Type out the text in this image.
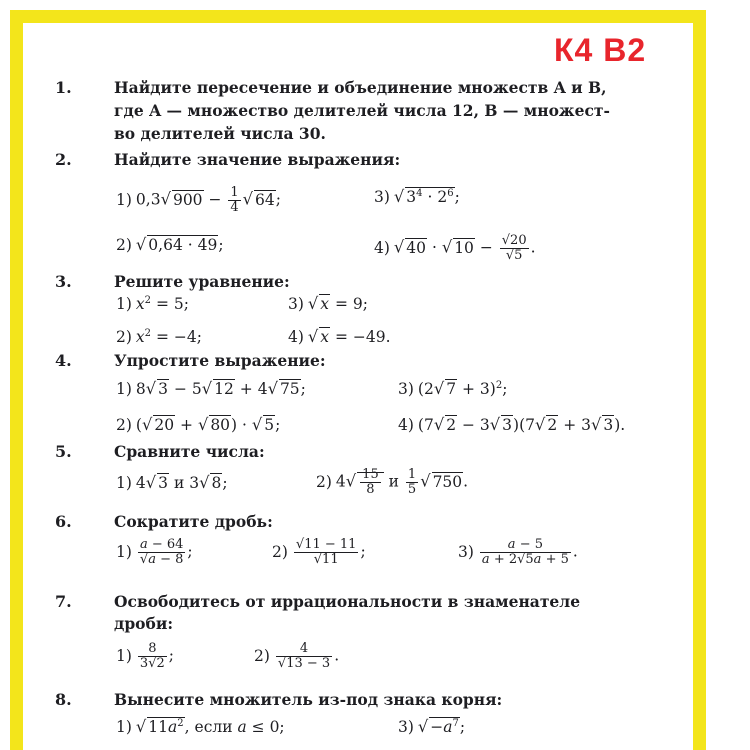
К4 В2
1.	Найдите пересечение и объединение множеств A и B,
где A — множество делителей числа 12, B — множест-
во делителей числа 30.
2.	Найдите значение выражения:
1) 0,3√ $900 - \frac{1}{4}$ √ 64;	3) √ $3^4 \cdot 2^6$;
2) √ 0,64 · 49;	4) √ 40 · √ $10 - \frac{√20}{√5}$ .
3.	Решите уравнение:
1) $x^2 = 5$;	3) √ x = 9;
2) $x^2 = -4$;	4) √ x = −49.
4.	Упростите выражение:
1) 8√ 3 − 5√ 12 + 4√ 75;	3) (2√ 7 + 3)$^2$;
2) (√ 20 + √ 80) · √ 5;	4) (7√ 2 − 3√ 3)(7√ 2 + 3√ 3).
5.	Сравните числа:
1) 4√ 3 и 3√ 8;	2) $4√ \frac{15}{8}$ и $\frac{1}{5}$ √ 750.
6.	Сократите дробь:
$1) \frac{a - 64}{√a - 8}$ ;	$2) \frac{√11 - 11}{√11}$ ;	$3) \frac{a - 5}{a + 2√5a + 5}$ .
7.	Освободитесь от иррациональности в знаменателе
дроби:
$1) \frac{8}{3√2}$ ;	$2) \frac{4}{√13 - 3}$ .
8.	Вынесите множитель из-под знака корня:
1) √ $11a^2$, если a ≤ 0;	3) √ $-a^7$;
